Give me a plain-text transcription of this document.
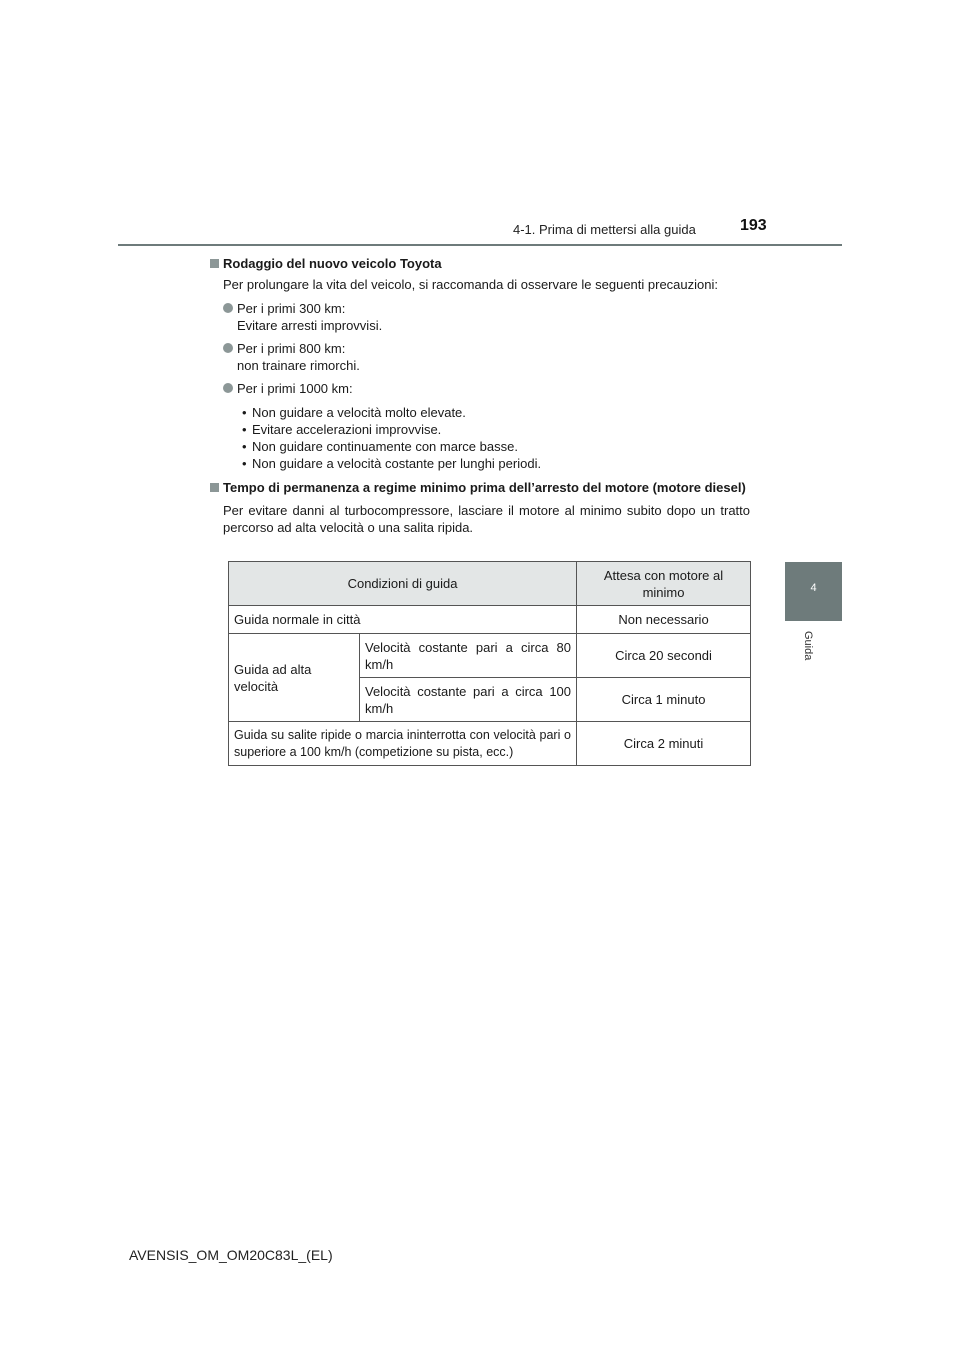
4-1. Prima di mettersi alla guida	193
4
Guida
Rodaggio del nuovo veicolo Toyota
Per prolungare la vita del veicolo, si raccomanda di osservare le seguenti precauzioni:
Per i primi 300 km:
Evitare arresti improvvisi.
Per i primi 800 km:
non trainare rimorchi.
Per i primi 1000 km:
• Non guidare a velocità molto elevate.
• Evitare accelerazioni improvvise.
• Non guidare continuamente con marce basse.
• Non guidare a velocità costante per lunghi periodi.
Tempo di permanenza a regime minimo prima dell’arresto del motore (motore diesel)
Per evitare danni al turbocompressore, lasciare il motore al minimo subito dopo un tratto percorso ad alta velocità o una salita ripida.
Condizioni di guida		Attesa con motore al minimo
Guida normale in città		Non necessario
Guida ad alta velocità	Velocità costante pari a circa 80 km/h	Circa 20 secondi
	Velocità costante pari a circa 100 km/h	Circa 1 minuto
Guida su salite ripide o marcia ininterrotta con velocità pari o superiore a 100 km/h (competizione su pista, ecc.)		Circa 2 minuti
AVENSIS_OM_OM20C83L_(EL)
